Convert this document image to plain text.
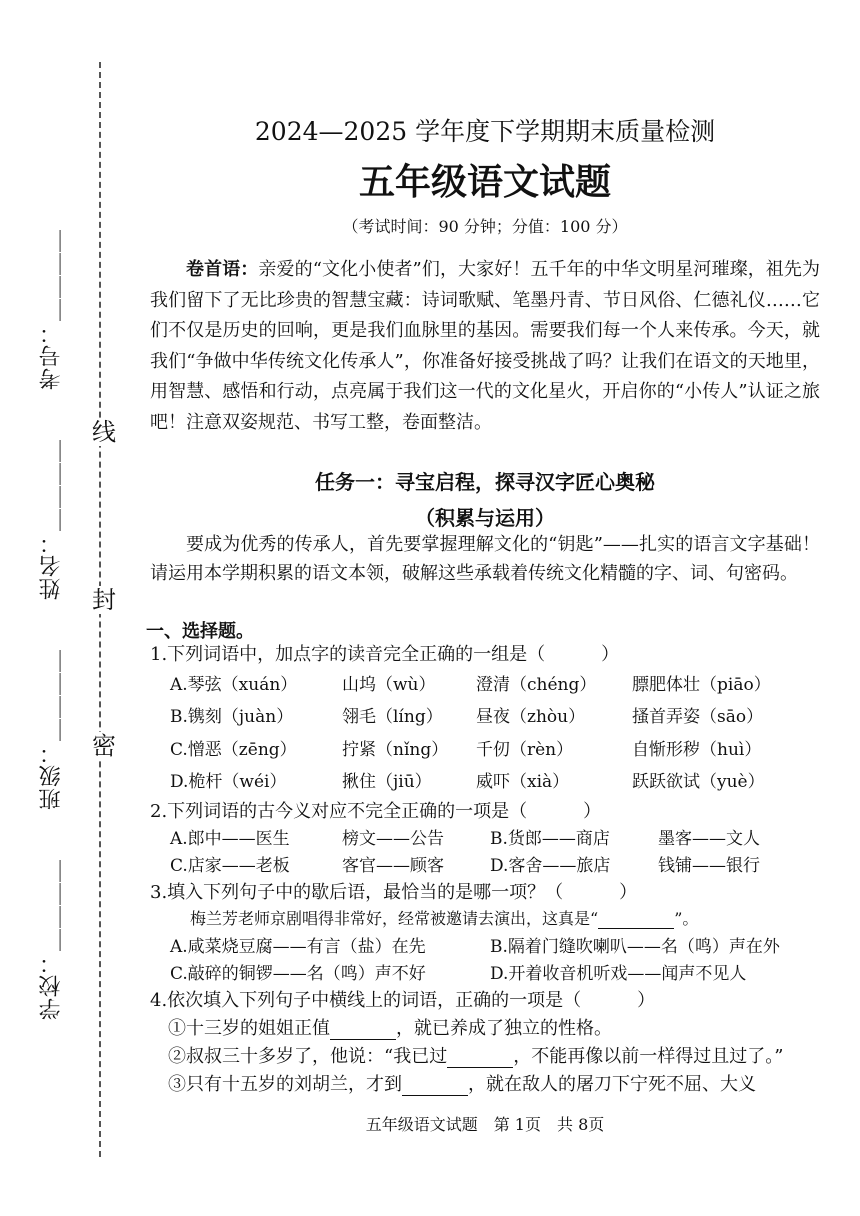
学校：＿＿＿＿
班级：＿＿＿＿
姓名：＿＿＿＿
考号：＿＿＿＿
密
封
线
2024—2025 学年度下学期期末质量检测
五年级语文试题
（考试时间：90 分钟；分值：100 分）
卷首语：亲爱的“文化小使者”们，大家好！五千年的中华文明星河璀璨，祖先为我们留下了无比珍贵的智慧宝藏：诗词歌赋、笔墨丹青、节日风俗、仁德礼仪……它们不仅是历史的回响，更是我们血脉里的基因。需要我们每一个人来传承。今天，就我们“争做中华传统文化传承人”，你准备好接受挑战了吗？让我们在语文的天地里，用智慧、感悟和行动，点亮属于我们这一代的文化星火，开启你的“小传人”认证之旅吧！注意双姿规范、书写工整，卷面整洁。
任务一：寻宝启程，探寻汉字匠心奥秘
（积累与运用）
要成为优秀的传承人，首先要掌握理解文化的“钥匙”——扎实的语言文字基础！请运用本学期积累的语文本领，破解这些承载着传统文化精髓的字、词、句密码。
一、选择题。
1.下列词语中，加点字的读音完全正确的一组是（	）
A.琴弦（xuán）	山坞（wù） 澄清（chéng） 膘肥体壮（piāo）
B.镌刻（juàn）	翎毛（líng） 昼夜（zhòu）	搔首弄姿（sāo）
C.憎恶（zēng）	拧紧（nǐng） 千仞（rèn）	自惭形秽（huì）
D.桅杆（wéi）	揪住（jiū）	威吓（xià）	跃跃欲试（yuè）
2.下列词语的古今义对应不完全正确的一项是（	）
A.郎中——医生	榜文——公告	B.货郎——商店	墨客——文人
C.店家——老板	客官——顾客	D.客舍——旅店	钱铺——银行
3.填入下列句子中的歇后语，最恰当的是哪一项？（	）
梅兰芳老师京剧唱得非常好，经常被邀请去演出，这真是“	”。
A.咸菜烧豆腐——有言（盐）在先	B.隔着门缝吹喇叭——名（鸣）声在外
C.敲碎的铜锣——名（鸣）声不好	D.开着收音机听戏——闻声不见人
4.依次填入下列句子中横线上的词语，正确的一项是（	）
①十三岁的姐姐正值	，就已养成了独立的性格。
②叔叔三十多岁了，他说：“我已过	，不能再像以前一样得过且过了。”
③只有十五岁的刘胡兰，才到	，就在敌人的屠刀下宁死不屈、大义
五年级语文试题　第 1页　共 8页
